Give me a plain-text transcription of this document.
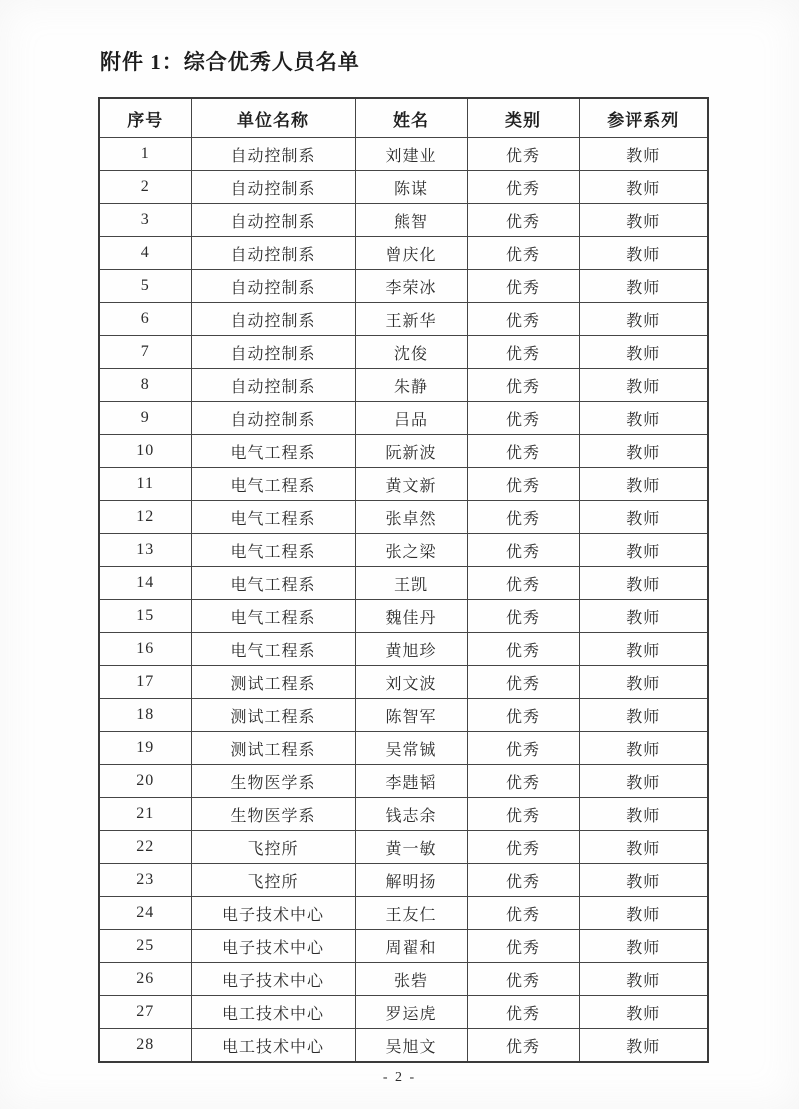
附件 1：综合优秀人员名单
序号	单位名称	姓名	类别	参评系列
1	自动控制系	刘建业	优秀	教师
2	自动控制系	陈谋	优秀	教师
3	自动控制系	熊智	优秀	教师
4	自动控制系	曾庆化	优秀	教师
5	自动控制系	李荣冰	优秀	教师
6	自动控制系	王新华	优秀	教师
7	自动控制系	沈俊	优秀	教师
8	自动控制系	朱静	优秀	教师
9	自动控制系	吕品	优秀	教师
10	电气工程系	阮新波	优秀	教师
11	电气工程系	黄文新	优秀	教师
12	电气工程系	张卓然	优秀	教师
13	电气工程系	张之梁	优秀	教师
14	电气工程系	王凯	优秀	教师
15	电气工程系	魏佳丹	优秀	教师
16	电气工程系	黄旭珍	优秀	教师
17	测试工程系	刘文波	优秀	教师
18	测试工程系	陈智军	优秀	教师
19	测试工程系	吴常铖	优秀	教师
20	生物医学系	李韪韬	优秀	教师
21	生物医学系	钱志余	优秀	教师
22	飞控所	黄一敏	优秀	教师
23	飞控所	解明扬	优秀	教师
24	电子技术中心	王友仁	优秀	教师
25	电子技术中心	周翟和	优秀	教师
26	电子技术中心	张砦	优秀	教师
27	电工技术中心	罗运虎	优秀	教师
28	电工技术中心	吴旭文	优秀	教师
- 2 -
